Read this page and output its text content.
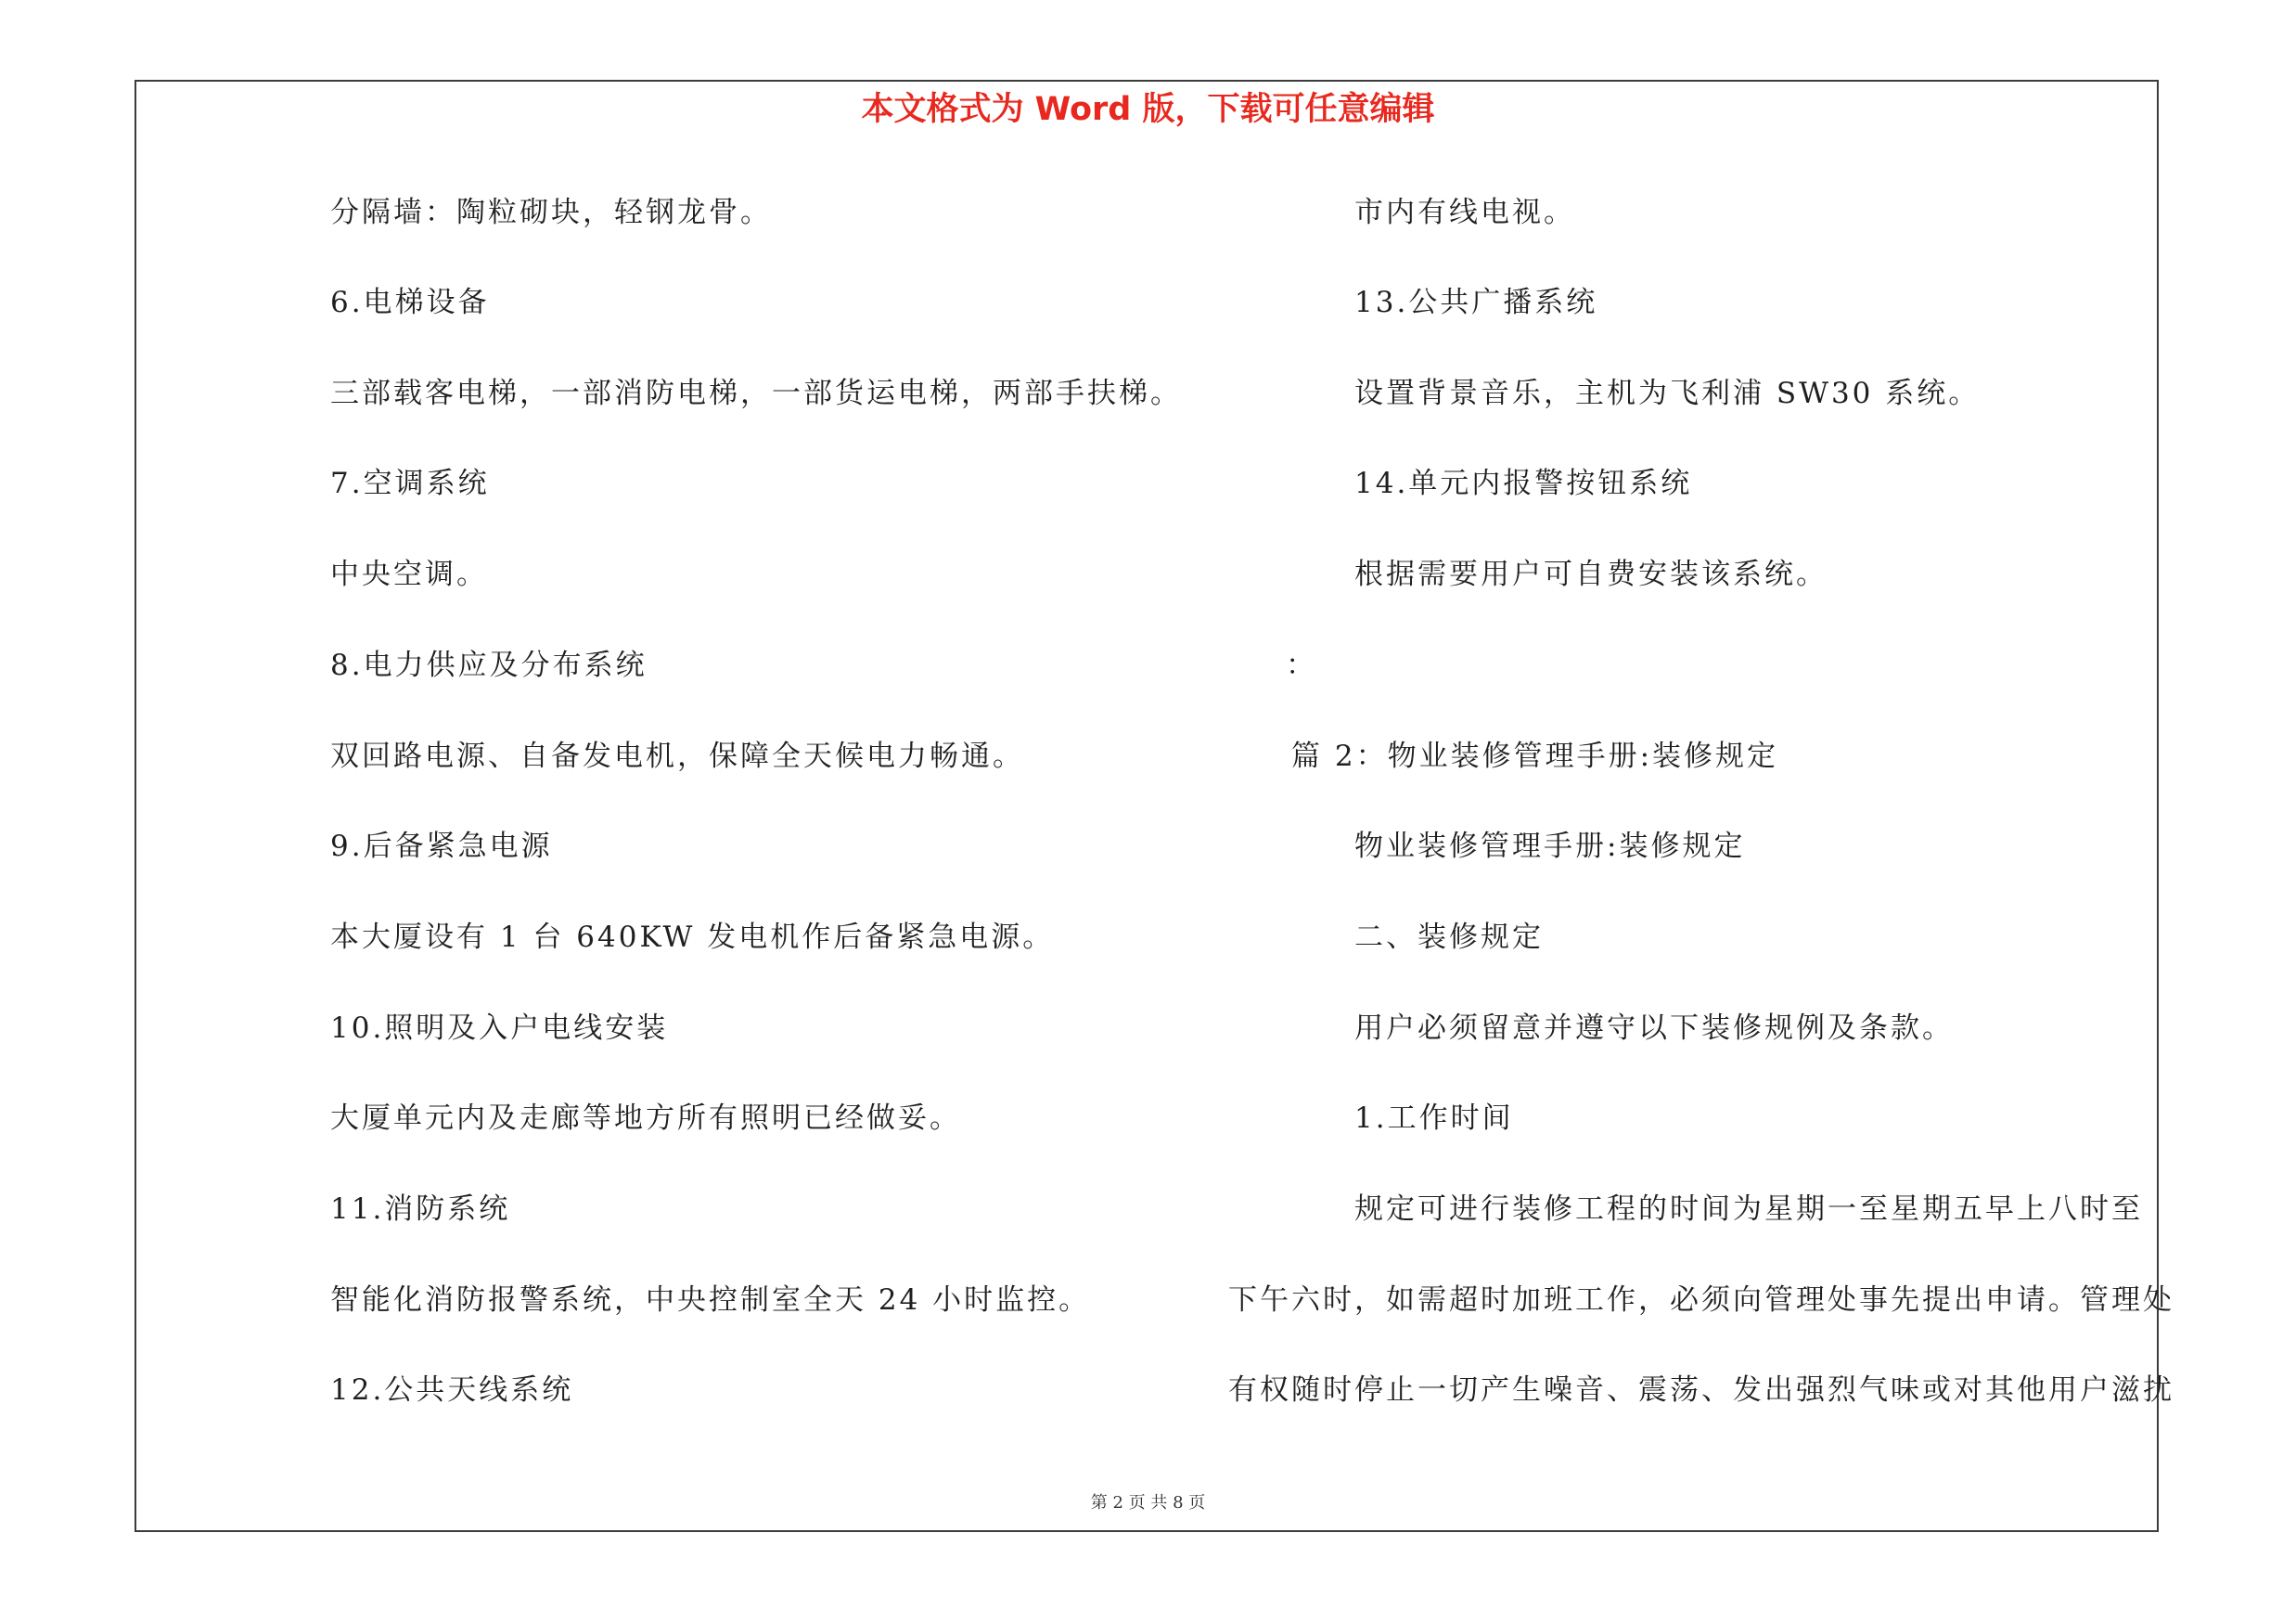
本文格式为 Word 版，下载可任意编辑
分隔墙：陶粒砌块，轻钢龙骨。
6.电梯设备
三部载客电梯，一部消防电梯，一部货运电梯，两部手扶梯。
7.空调系统
中央空调。
8.电力供应及分布系统
双回路电源、自备发电机，保障全天候电力畅通。
9.后备紧急电源
本大厦设有 1 台 640KW 发电机作后备紧急电源。
10.照明及入户电线安装
大厦单元内及走廊等地方所有照明已经做妥。
11.消防系统
智能化消防报警系统，中央控制室全天 24 小时监控。
12.公共天线系统
市内有线电视。
13.公共广播系统
设置背景音乐，主机为飞利浦 SW30 系统。
14.单元内报警按钮系统
根据需要用户可自费安装该系统。
：
篇 2：物业装修管理手册:装修规定
物业装修管理手册:装修规定
二、装修规定
用户必须留意并遵守以下装修规例及条款。
1.工作时间
规定可进行装修工程的时间为星期一至星期五早上八时至
下午六时，如需超时加班工作，必须向管理处事先提出申请。管理处
有权随时停止一切产生噪音、震荡、发出强烈气味或对其他用户滋扰
第 2 页 共 8 页
